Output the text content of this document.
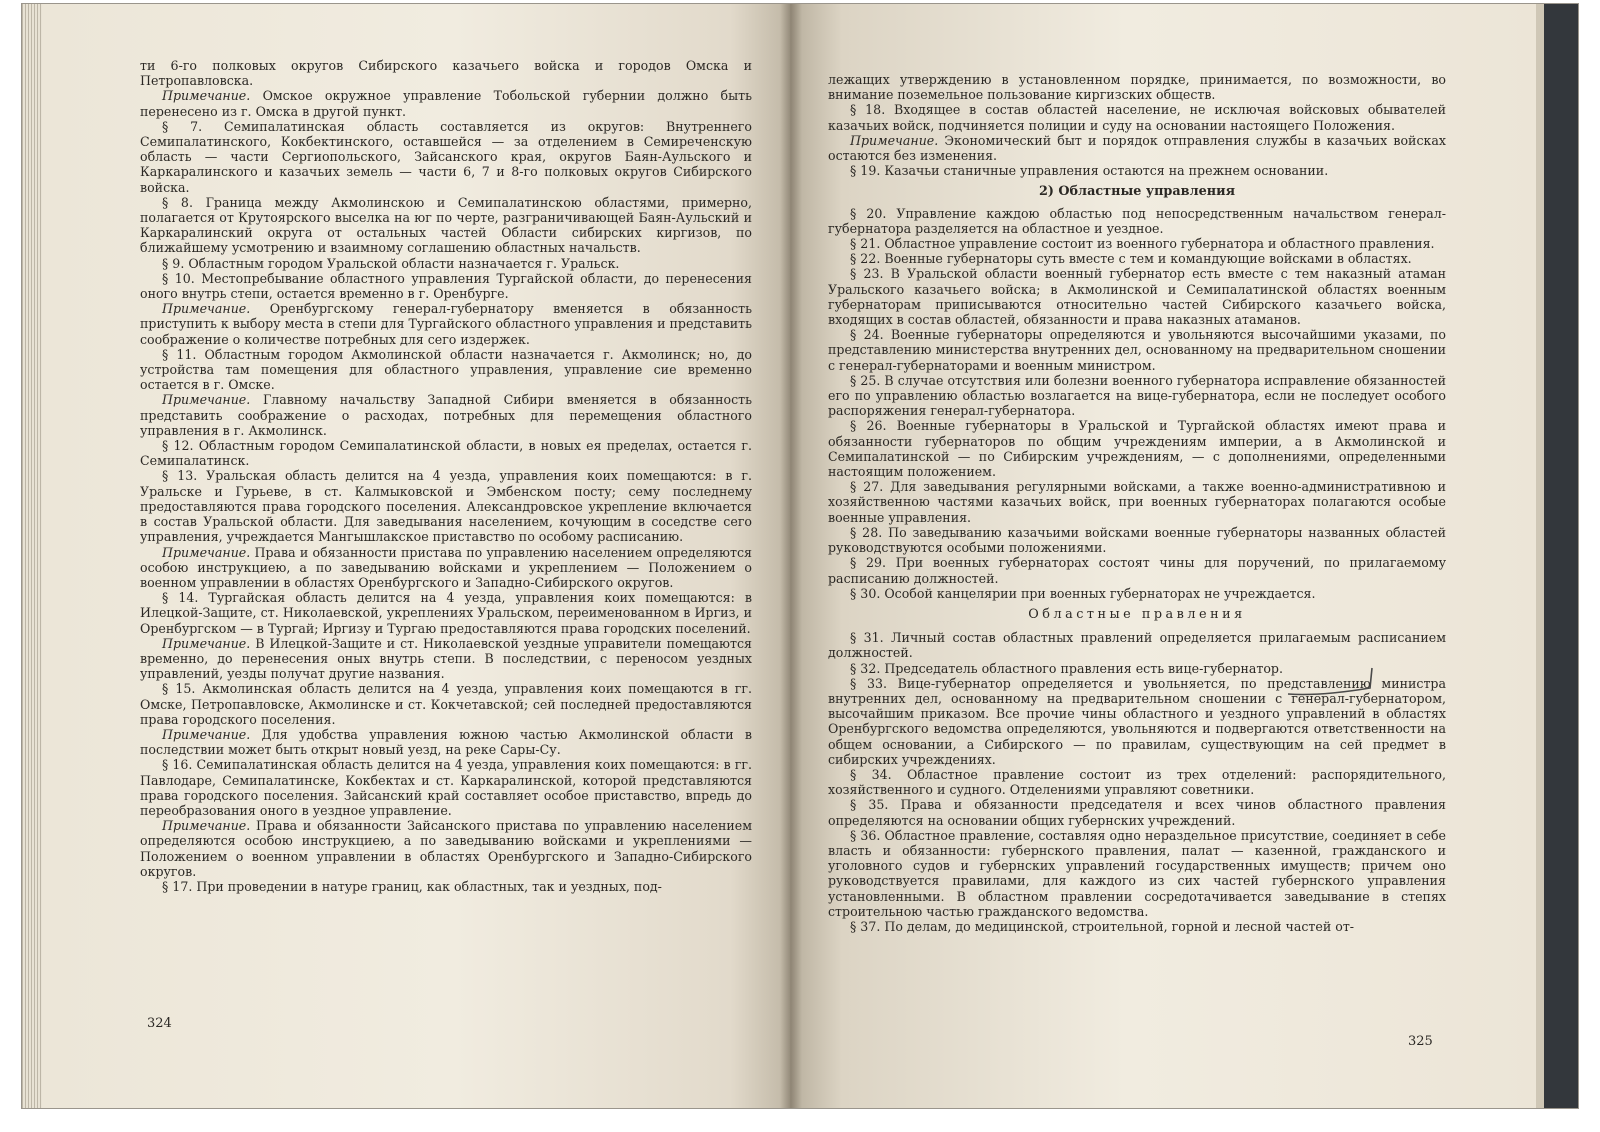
ти 6-го полковых округов Сибирского казачьего войска и городов Омска и Петропавловска.

Примечание. Омское окружное управление Тобольской губернии должно быть перенесено из г. Омска в другой пункт.

§ 7. Семипалатинская область составляется из округов: Внутреннего Семипалатинского, Кокбектинского, оставшейся — за отделением в Семиреченскую область — части Сергиопольского, Зайсанского края, округов Баян-Аульского и Каркаралинского и казачьих земель — части 6, 7 и 8-го полковых округов Сибирского войска.

§ 8. Граница между Акмолинскою и Семипалатинскою областями, примерно, полагается от Крутоярского выселка на юг по черте, разграничивающей Баян-Аульский и Каркаралинский округа от остальных частей Области сибирских киргизов, по ближайшему усмотрению и взаимному соглашению областных начальств.

§ 9. Областным городом Уральской области назначается г. Уральск.

§ 10. Местопребывание областного управления Тургайской области, до перенесения оного внутрь степи, остается временно в г. Оренбурге.

Примечание. Оренбургскому генерал-губернатору вменяется в обязанность приступить к выбору места в степи для Тургайского областного управления и представить соображение о количестве потребных для сего издержек.

§ 11. Областным городом Акмолинской области назначается г. Акмолинск; но, до устройства там помещения для областного управления, управление сие временно остается в г. Омске.

Примечание. Главному начальству Западной Сибири вменяется в обязанность представить соображение о расходах, потребных для перемещения областного управления в г. Акмолинск.

§ 12. Областным городом Семипалатинской области, в новых ея пределах, остается г. Семипалатинск.

§ 13. Уральская область делится на 4 уезда, управления коих помещаются: в г. Уральске и Гурьеве, в ст. Калмыковской и Эмбенском посту; сему последнему предоставляются права городского поселения. Александровское укрепление включается в состав Уральской области. Для заведывания населением, кочующим в соседстве сего управления, учреждается Мангышлакское приставство по особому расписанию.

Примечание. Права и обязанности пристава по управлению населением определяются особою инструкциею, а по заведыванию войсками и укреплением — Положением о военном управлении в областях Оренбургского и Западно-Сибирского округов.

§ 14. Тургайская область делится на 4 уезда, управления коих помещаются: в Илецкой-Защите, ст. Николаевской, укреплениях Уральском, переименованном в Иргиз, и Оренбургском — в Тургай; Иргизу и Тургаю предоставляются права городских поселений.

Примечание. В Илецкой-Защите и ст. Николаевской уездные управители помещаются временно, до перенесения оных внутрь степи. В последствии, с переносом уездных управлений, уезды получат другие названия.

§ 15. Акмолинская область делится на 4 уезда, управления коих помещаются в гг. Омске, Петропавловске, Акмолинске и ст. Кокчетавской; сей последней предоставляются права городского поселения.

Примечание. Для удобства управления южною частью Акмолинской области в последствии может быть открыт новый уезд, на реке Сары-Су.

§ 16. Семипалатинская область делится на 4 уезда, управления коих помещаются: в гг. Павлодаре, Семипалатинске, Кокбектах и ст. Каркаралинской, которой представляются права городского поселения. Зайсанский край составляет особое приставство, впредь до переобразования оного в уездное управление.

Примечание. Права и обязанности Зайсанского пристава по управлению населением определяются особою инструкциею, а по заведыванию войсками и укреплениями — Положением о военном управлении в областях Оренбургского и Западно-Сибирского округов.

§ 17. При проведении в натуре границ, как областных, так и уездных, под-

324

лежащих утверждению в установленном порядке, принимается, по возможности, во внимание поземельное пользование киргизских обществ.

§ 18. Входящее в состав областей население, не исключая войсковых обывателей казачьих войск, подчиняется полиции и суду на основании настоящего Положения.

Примечание. Экономический быт и порядок отправления службы в казачьих войсках остаются без изменения.

§ 19. Казачьи станичные управления остаются на прежнем основании.

2) Областные управления

§ 20. Управление каждою областью под непосредственным начальством генерал-губернатора разделяется на областное и уездное.

§ 21. Областное управление состоит из военного губернатора и областного правления.

§ 22. Военные губернаторы суть вместе с тем и командующие войсками в областях.

§ 23. В Уральской области военный губернатор есть вместе с тем наказный атаман Уральского казачьего войска; в Акмолинской и Семипалатинской областях военным губернаторам приписываются относительно частей Сибирского казачьего войска, входящих в состав областей, обязанности и права наказных атаманов.

§ 24. Военные губернаторы определяются и увольняются высочайшими указами, по представлению министерства внутренних дел, основанному на предварительном сношении с генерал-губернаторами и военным министром.

§ 25. В случае отсутствия или болезни военного губернатора исправление обязанностей его по управлению областью возлагается на вице-губернатора, если не последует особого распоряжения генерал-губернатора.

§ 26. Военные губернаторы в Уральской и Тургайской областях имеют права и обязанности губернаторов по общим учреждениям империи, а в Акмолинской и Семипалатинской — по Сибирским учреждениям, — с дополнениями, определенными настоящим положением.

§ 27. Для заведывания регулярными войсками, а также военно-административною и хозяйственною частями казачьих войск, при военных губернаторах полагаются особые военные управления.

§ 28. По заведыванию казачьими войсками военные губернаторы названных областей руководствуются особыми положениями.

§ 29. При военных губернаторах состоят чины для поручений, по прилагаемому расписанию должностей.

§ 30. Особой канцелярии при военных губернаторах не учреждается.

Областные правления

§ 31. Личный состав областных правлений определяется прилагаемым расписанием должностей.

§ 32. Председатель областного правления есть вице-губернатор.

§ 33. Вице-губернатор определяется и увольняется, по представлению министра внутренних дел, основанному на предварительном сношении с генерал-губернатором, высочайшим приказом. Все прочие чины областного и уездного управлений в областях Оренбургского ведомства определяются, увольняются и подвергаются ответственности на общем основании, а Сибирского — по правилам, существующим на сей предмет в сибирских учреждениях.

§ 34. Областное правление состоит из трех отделений: распорядительного, хозяйственного и судного. Отделениями управляют советники.

§ 35. Права и обязанности председателя и всех чинов областного правления определяются на основании общих губернских учреждений.

§ 36. Областное правление, составляя одно нераздельное присутствие, соединяет в себе власть и обязанности: губернского правления, палат — казенной, гражданского и уголовного судов и губернских управлений государственных имуществ; причем оно руководствуется правилами, для каждого из сих частей губернского управления установленными. В областном правлении сосредотачивается заведывание в степях строительною частью гражданского ведомства.

§ 37. По делам, до медицинской, строительной, горной и лесной частей от-

325
